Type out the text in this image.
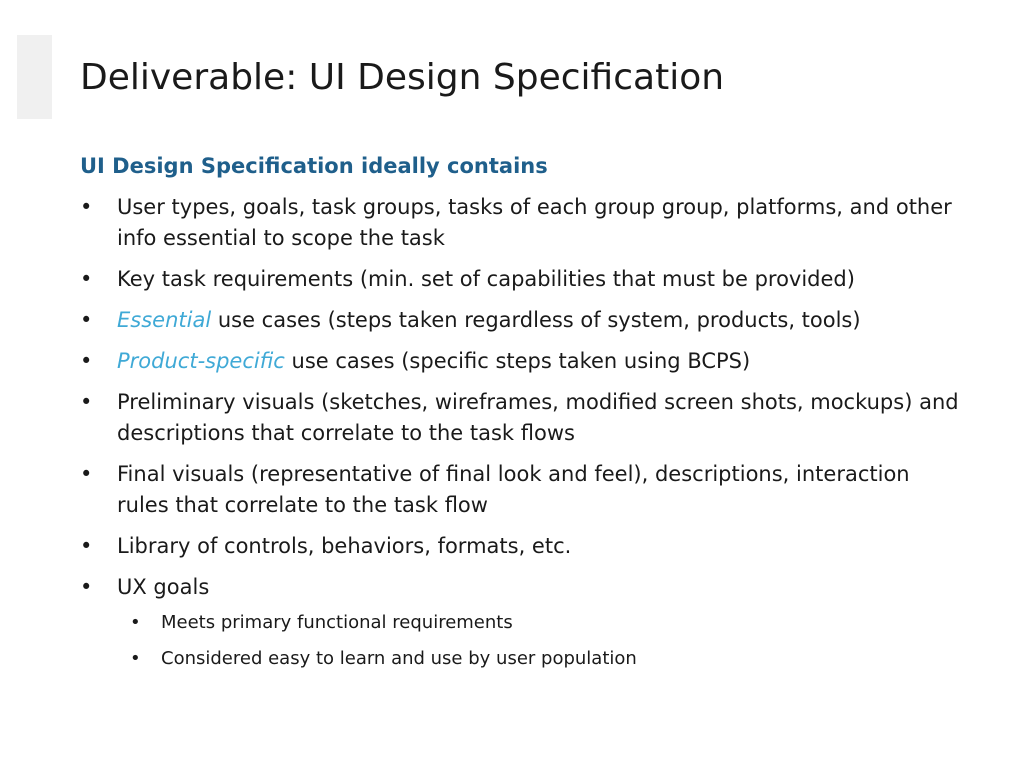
Deliverable: UI Design Specification
UI Design Specification ideally contains
• User types, goals, task groups, tasks of each group group, platforms, and other info essential to scope the task
• Key task requirements (min. set of capabilities that must be provided)
• Essential use cases (steps taken regardless of system, products, tools)
• Product-specific use cases (specific steps taken using BCPS)
• Preliminary visuals (sketches, wireframes, modified screen shots, mockups) and descriptions that correlate to the task flows
• Final visuals (representative of final look and feel), descriptions, interaction rules that correlate to the task flow
• Library of controls, behaviors, formats, etc.
• UX goals
• Meets primary functional requirements
• Considered easy to learn and use by user population
